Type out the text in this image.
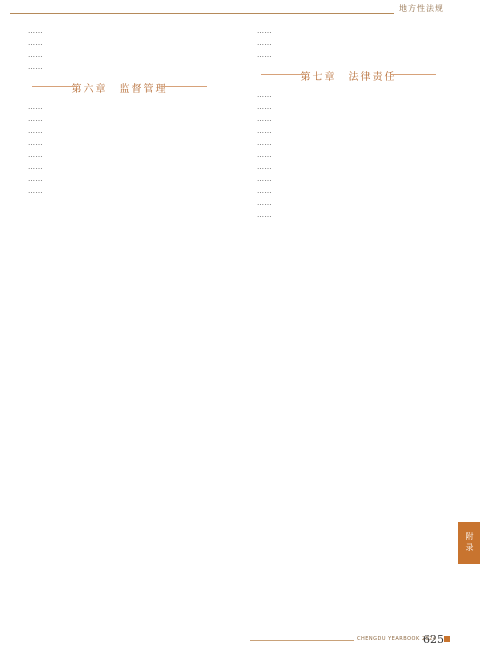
地方性法规

……

……

……

……

第六章　监督管理

……

……

……

……

……

……

……

……

……

……

……

第七章　法律责任

……

……

……

……

……

……

……

……

……

……

……

附录
CHENGDU YEARBOOK 2024
625
